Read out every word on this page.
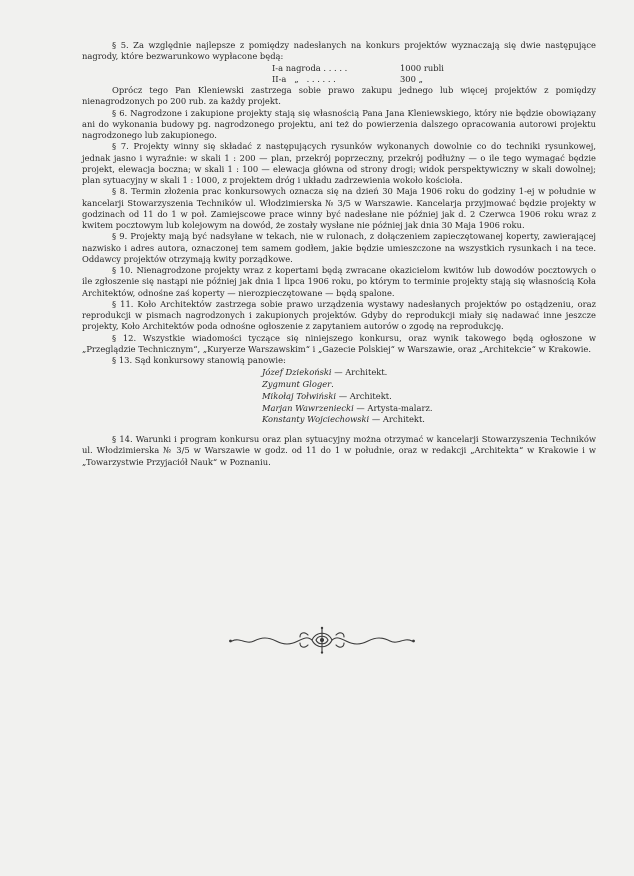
§ 5. Za względnie najlepsze z pomiędzy nadesłanych na konkurs projektów wyznaczają się dwie następujące nagrody, które bezwarunkowo wypłacone będą:

I-a nagroda . . . . .	1000 rubli
II-a   „   . . . . . .	300 „

Oprócz tego Pan Kleniewski zastrzega sobie prawo zakupu jednego lub więcej projektów z pomiędzy nienagrodzonych po 200 rub. za każdy projekt.

§ 6. Nagrodzone i zakupione projekty stają się własnością Pana Jana Kleniewskiego, który nie będzie obowiązany ani do wykonania budowy pg. nagrodzonego projektu, ani też do powierzenia dalszego opracowania autorowi projektu nagrodzonego lub zakupionego.

§ 7. Projekty winny się składać z następujących rysunków wykonanych dowolnie co do techniki rysunkowej, jednak jasno i wyraźnie: w skali 1 : 200 — plan, przekrój poprzeczny, przekrój podłużny — o ile tego wymagać będzie projekt, elewacja boczna; w skali 1 : 100 — elewacja główna od strony drogi; widok perspektywiczny w skali dowolnej; plan sytuacyjny w skali 1 : 1000, z projektem dróg i układu zadrzewienia wokoło kościoła.

§ 8. Termin złożenia prac konkursowych oznacza się na dzień 30 Maja 1906 roku do godziny 1-ej w południe w kancelarji Stowarzyszenia Techników ul. Włodzimierska № 3/5 w Warszawie. Kancelarja przyjmować będzie projekty w godzinach od 11 do 1 w poł. Zamiejscowe prace winny być nadesłane nie później jak d. 2 Czerwca 1906 roku wraz z kwitem pocztowym lub kolejowym na dowód, że zostały wysłane nie później jak dnia 30 Maja 1906 roku.

§ 9. Projekty mają być nadsyłane w tekach, nie w rulonach, z dołączeniem zapieczętowanej koperty, zawierającej nazwisko i adres autora, oznaczonej tem samem godłem, jakie będzie umieszczone na wszystkich rysunkach i na tece. Oddawcy projektów otrzymają kwity porządkowe.

§ 10. Nienagrodzone projekty wraz z kopertami będą zwracane okazicielom kwitów lub dowodów pocztowych o ile zgłoszenie się nastąpi nie później jak dnia 1 lipca 1906 roku, po którym to terminie projekty stają się własnością Koła Architektów, odnośne zaś koperty — nierozpieczętowane — będą spalone.

§ 11. Koło Architektów zastrzega sobie prawo urządzenia wystawy nadesłanych projektów po ostądzeniu, oraz reprodukcji w pismach nagrodzonych i zakupionych projektów. Gdyby do reprodukcji miały się nadawać inne jeszcze projekty, Koło Architektów poda odnośne ogłoszenie z zapytaniem autorów o zgodę na reprodukcję.

§ 12. Wszystkie wiadomości tyczące się niniejszego konkursu, oraz wynik takowego będą ogłoszone w „Przeglądzie Technicznym“, „Kuryerze Warszawskim“ i „Gazecie Polskiej“ w Warszawie, oraz „Architekcie“ w Krakowie.

§ 13. Sąd konkursowy stanowią panowie:

Józef Dziekoński — Architekt.
Zygmunt Gloger.
Mikołaj Tołwiński — Architekt.
Marjan Wawrzeniecki — Artysta-malarz.
Konstanty Wojciechowski — Architekt.

§ 14. Warunki i program konkursu oraz plan sytuacyjny można otrzymać w kancelarji Stowarzyszenia Techników ul. Włodzimierska № 3/5 w Warszawie w godz. od 11 do 1 w południe, oraz w redakcji „Architekta“ w Krakowie i w „Towarzystwie Przyjaciół Nauk“ w Poznaniu.
